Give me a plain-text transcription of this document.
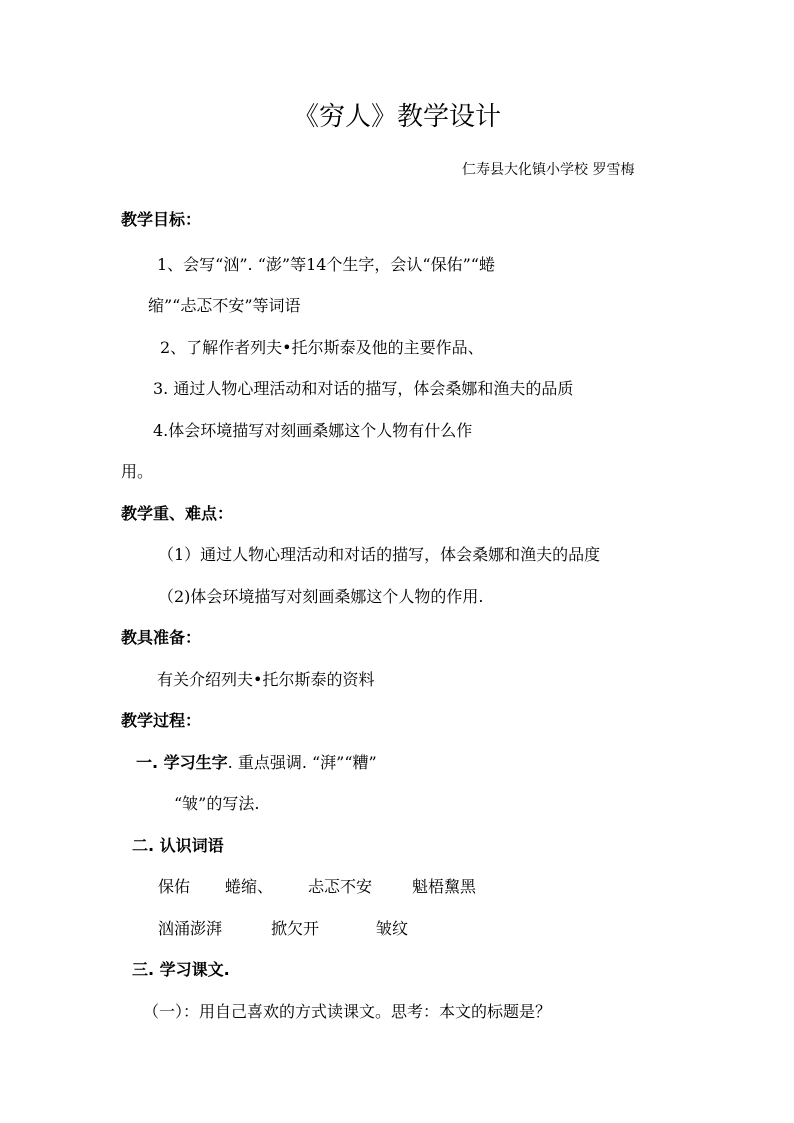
《穷人》教学设计
仁寿县大化镇小学校 罗雪梅
教学目标：
1、会写“汹”. “澎”等14个生字，会认“保佑”“蜷
缩”“忐忑不安”等词语
2、了解作者列夫•托尔斯泰及他的主要作品、
3. 通过人物心理活动和对话的描写，体会桑娜和渔夫的品质
4.体会环境描写对刻画桑娜这个人物有什么作
用。
教学重、难点：
（1）通过人物心理活动和对话的描写，体会桑娜和渔夫的品度
（2)体会环境描写对刻画桑娜这个人物的作用.
教具准备：
有关介绍列夫•托尔斯泰的资料
教学过程：
一. 学习生字. 重点强调. “湃”“糟”
“皱”的写法.
二. 认识词语
保佑 蜷缩、 忐忑不安 魁梧黧黑
汹涌澎湃	掀欠开	皱纹
三. 学习课文.
（一）：用自己喜欢的方式读课文。思考：本文的标题是？
